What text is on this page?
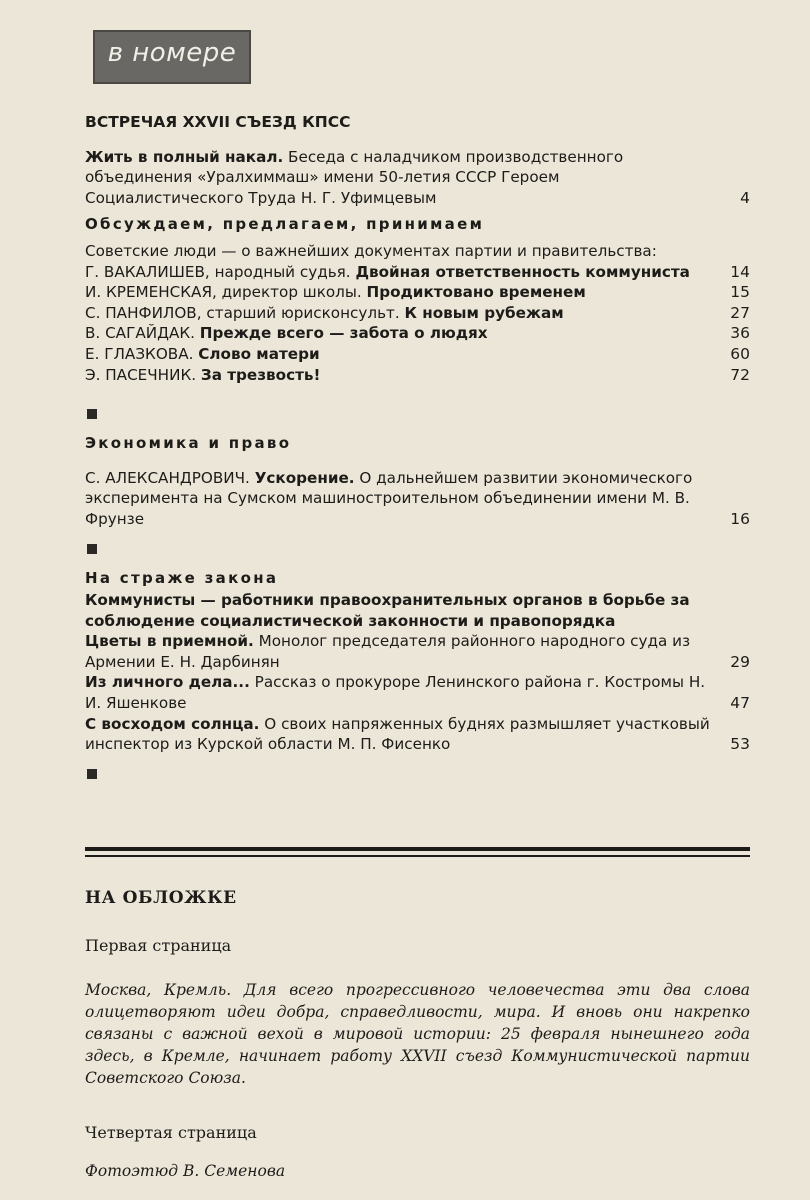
в номере
ВСТРЕЧАЯ XXVII СЪЕЗД КПСС
Жить в полный накал. Беседа с наладчиком производственного объединения «Уралхиммаш» имени 50-летия СССР Героем Социалистического Труда Н. Г. Уфимцевым	4
Обсуждаем, предлагаем, принимаем
Советские люди — о важнейших документах партии и правительства:
Г. ВАКАЛИШЕВ, народный судья. Двойная ответственность коммуниста	14
И. КРЕМЕНСКАЯ, директор школы. Продиктовано временем	15
С. ПАНФИЛОВ, старший юрисконсульт. К новым рубежам	27
В. САГАЙДАК. Прежде всего — забота о людях	36
Е. ГЛАЗКОВА. Слово матери	60
Э. ПАСЕЧНИК. За трезвость!	72
Экономика и право
С. АЛЕКСАНДРОВИЧ. Ускорение. О дальнейшем развитии экономического эксперимента на Сумском машиностроительном объединении имени М. В. Фрунзе	16
На страже закона
Коммунисты — работники правоохранительных органов в борьбе за соблюдение социалистической законности и правопорядка
Цветы в приемной. Монолог председателя районного народного суда из Армении Е. Н. Дарбинян	29
Из личного дела... Рассказ о прокуроре Ленинского района г. Костромы Н. И. Яшенкове	47
С восходом солнца. О своих напряженных буднях размышляет участковый инспектор из Курской области М. П. Фисенко	53
НА ОБЛОЖКЕ
Первая страница
Москва, Кремль. Для всего прогрессивного человечества эти два слова олицетворяют идеи добра, справедливости, мира. И вновь они накрепко связаны с важной вехой в мировой истории: 25 февраля нынешнего года здесь, в Кремле, начинает работу XXVII съезд Коммунистической партии Советского Союза.
Четвертая страница
Фотоэтюд В. Семенова
